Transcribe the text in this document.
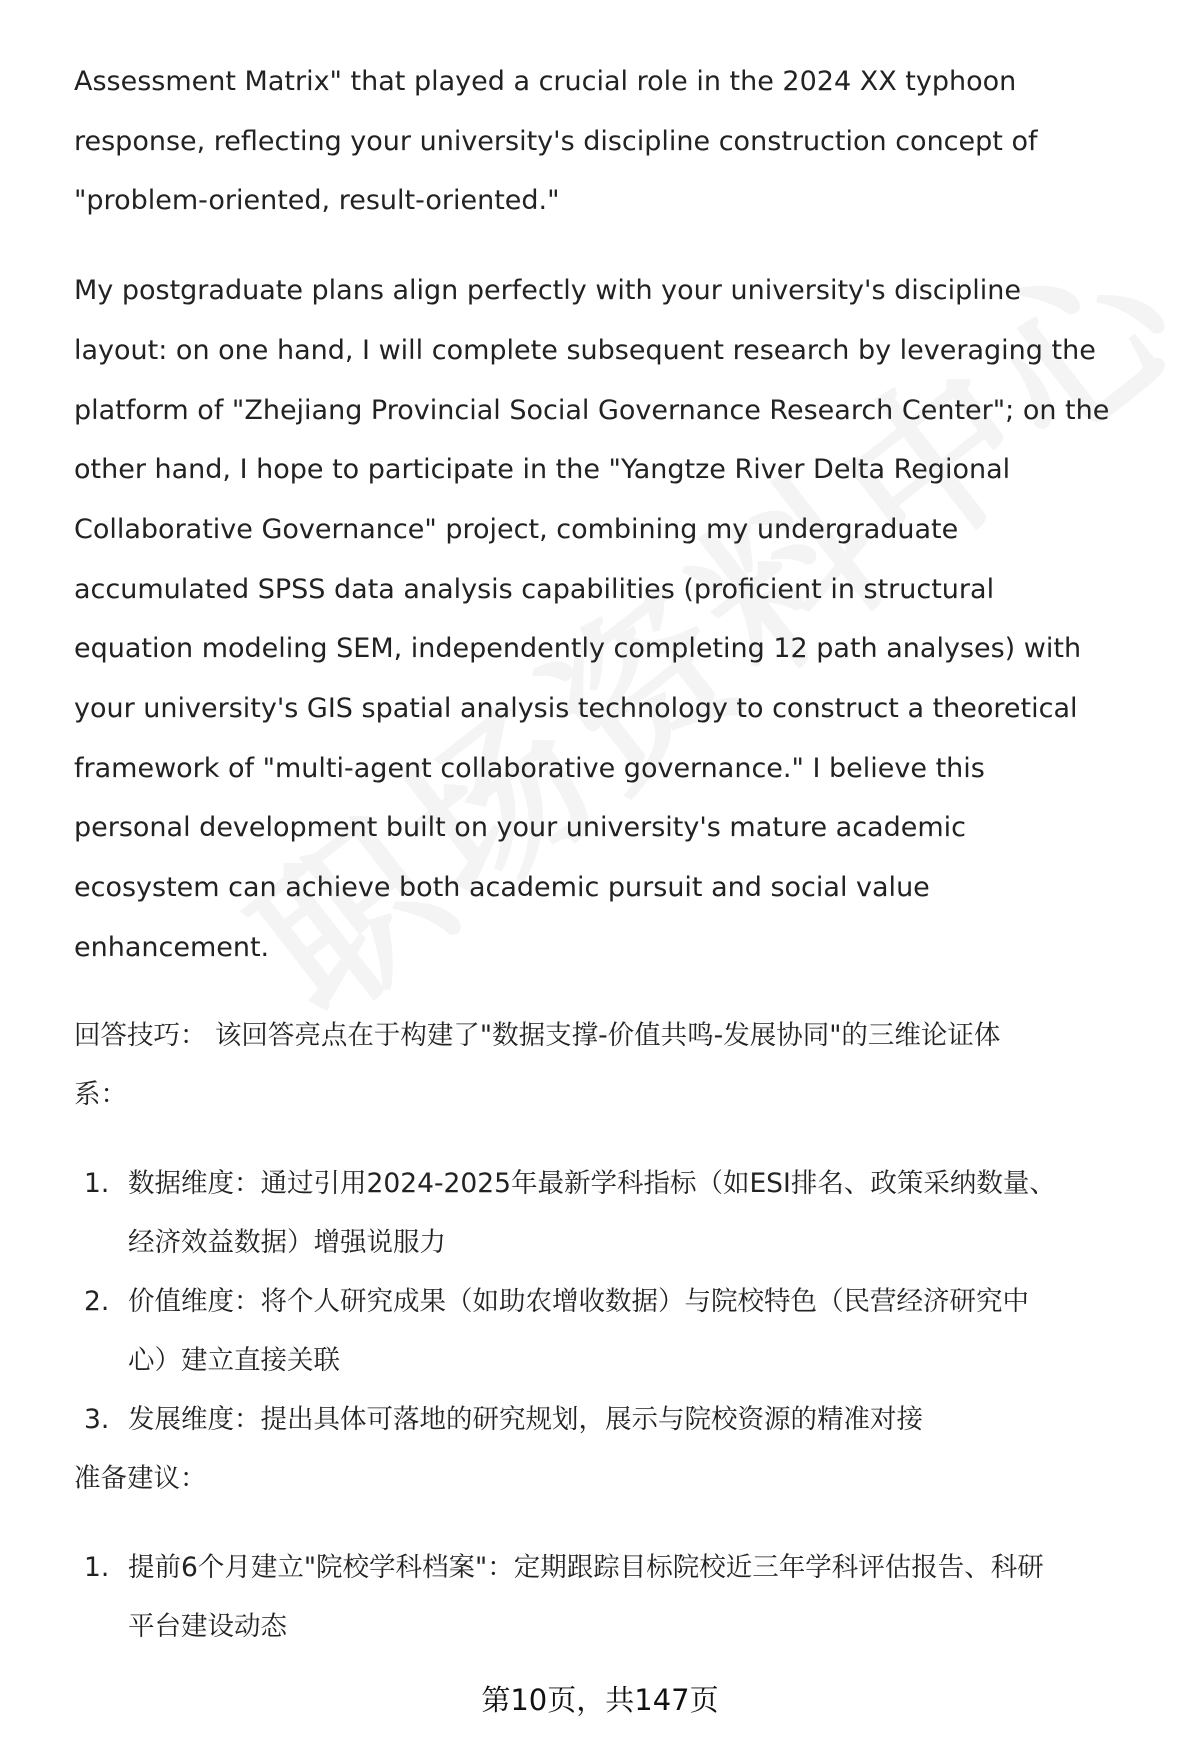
Assessment Matrix" that played a crucial role in the 2024 XX typhoon
response, reflecting your university's discipline construction concept of
"problem-oriented, result-oriented."

My postgraduate plans align perfectly with your university's discipline
layout: on one hand, I will complete subsequent research by leveraging the
platform of "Zhejiang Provincial Social Governance Research Center"; on the
other hand, I hope to participate in the "Yangtze River Delta Regional
Collaborative Governance" project, combining my undergraduate
accumulated SPSS data analysis capabilities (proficient in structural
equation modeling SEM, independently completing 12 path analyses) with
your university's GIS spatial analysis technology to construct a theoretical
framework of "multi-agent collaborative governance." I believe this
personal development built on your university's mature academic
ecosystem can achieve both academic pursuit and social value
enhancement.

回答技巧： 该回答亮点在于构建了"数据支撑-价值共鸣-发展协同"的三维论证体
系：

1. 数据维度：通过引用2024-2025年最新学科指标（如ESI排名、政策采纳数量、
经济效益数据）增强说服力
2. 价值维度：将个人研究成果（如助农增收数据）与院校特色（民营经济研究中
心）建立直接关联
3. 发展维度：提出具体可落地的研究规划，展示与院校资源的精准对接

准备建议：

1. 提前6个月建立"院校学科档案"：定期跟踪目标院校近三年学科评估报告、科研
平台建设动态
第10页，共147页
